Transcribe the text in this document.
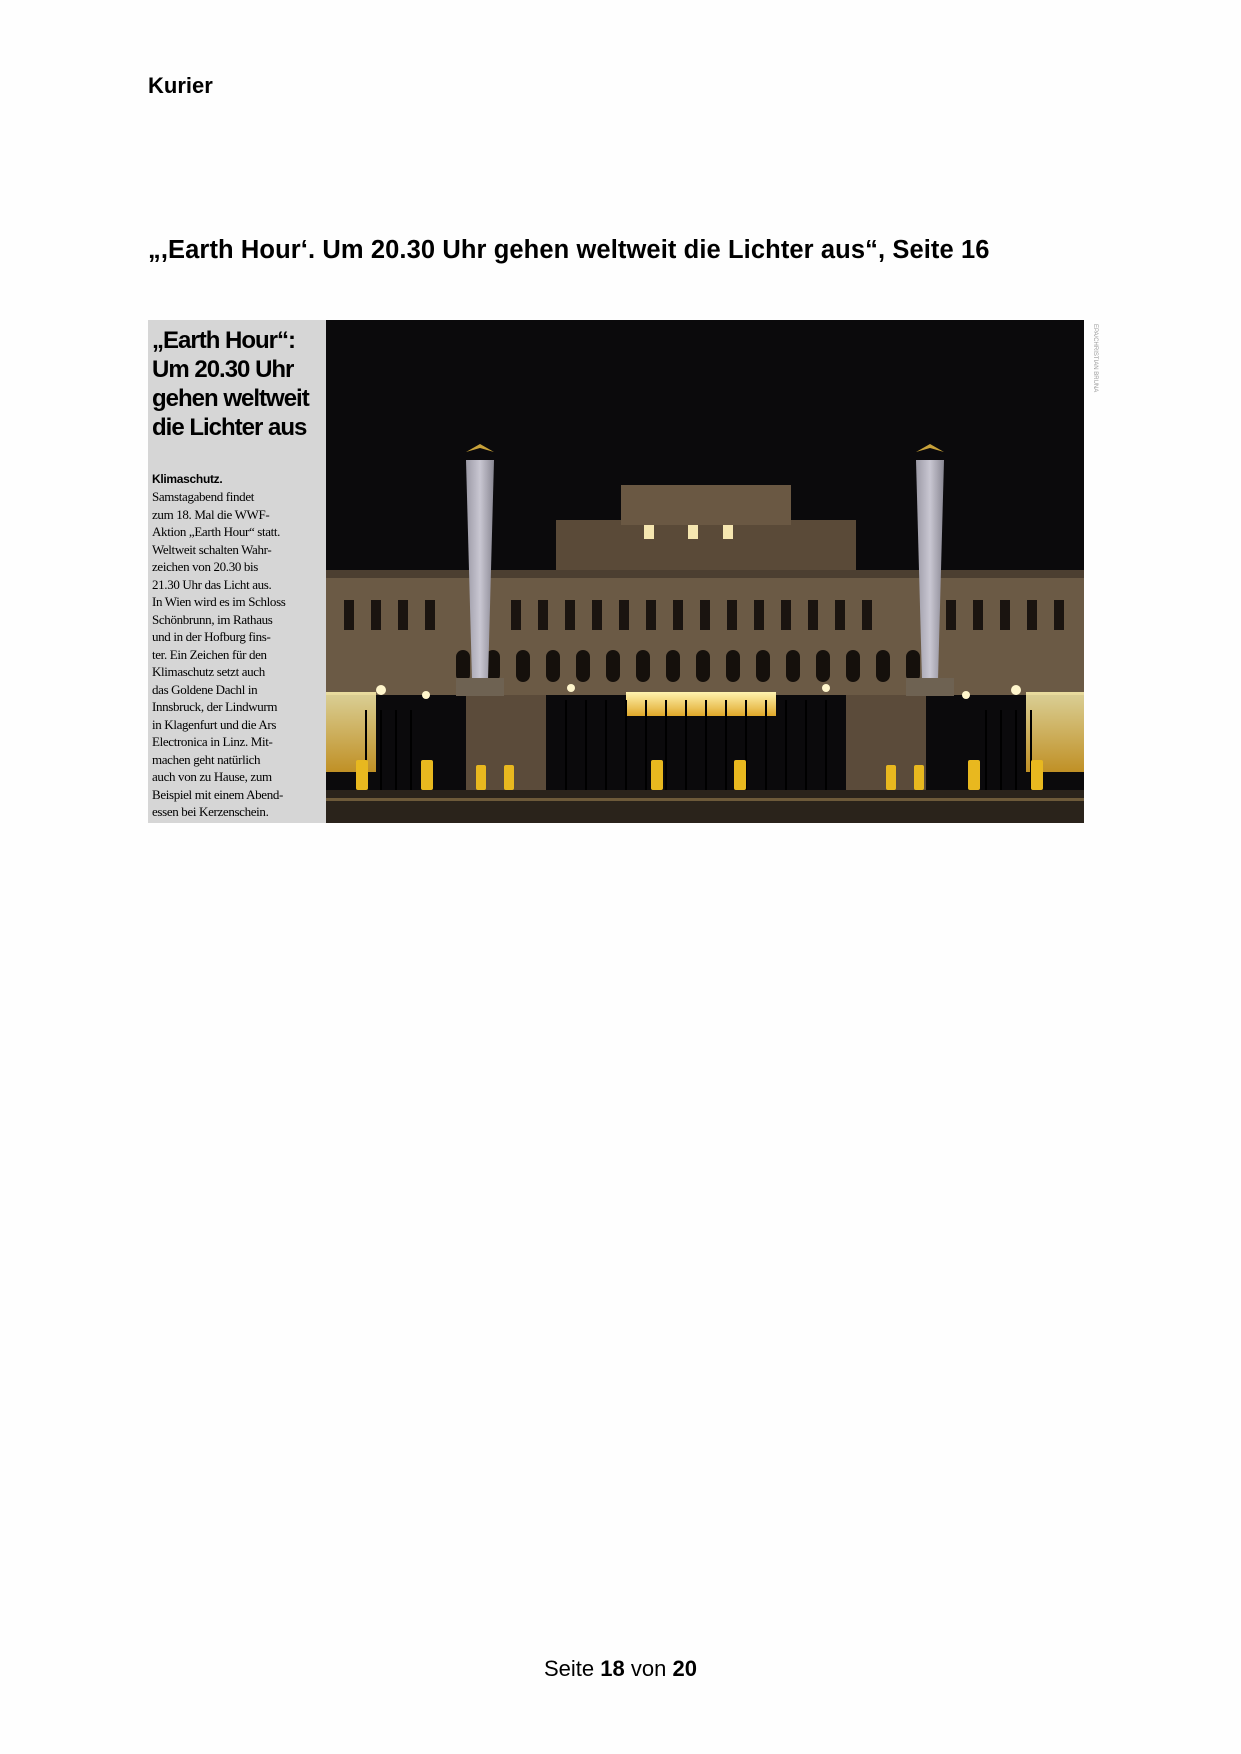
Kurier
„,Earth Hour‘. Um 20.30 Uhr gehen weltweit die Lichter aus“, Seite 16
„Earth Hour“:
Um 20.30 Uhr
gehen weltweit
die Lichter aus
Klimaschutz.
Samstagabend findet
zum 18. Mal die WWF-
Aktion „Earth Hour“ statt.
Weltweit schalten Wahr-
zeichen von 20.30 bis
21.30 Uhr das Licht aus.
In Wien wird es im Schloss
Schönbrunn, im Rathaus
und in der Hofburg fins-
ter. Ein Zeichen für den
Klimaschutz setzt auch
das Goldene Dachl in
Innsbruck, der Lindwurm
in Klagenfurt und die Ars
Electronica in Linz. Mit-
machen geht natürlich
auch von zu Hause, zum
Beispiel mit einem Abend-
essen bei Kerzenschein.
EPA/CHRISTIAN BRUNA
Seite 18 von 20
